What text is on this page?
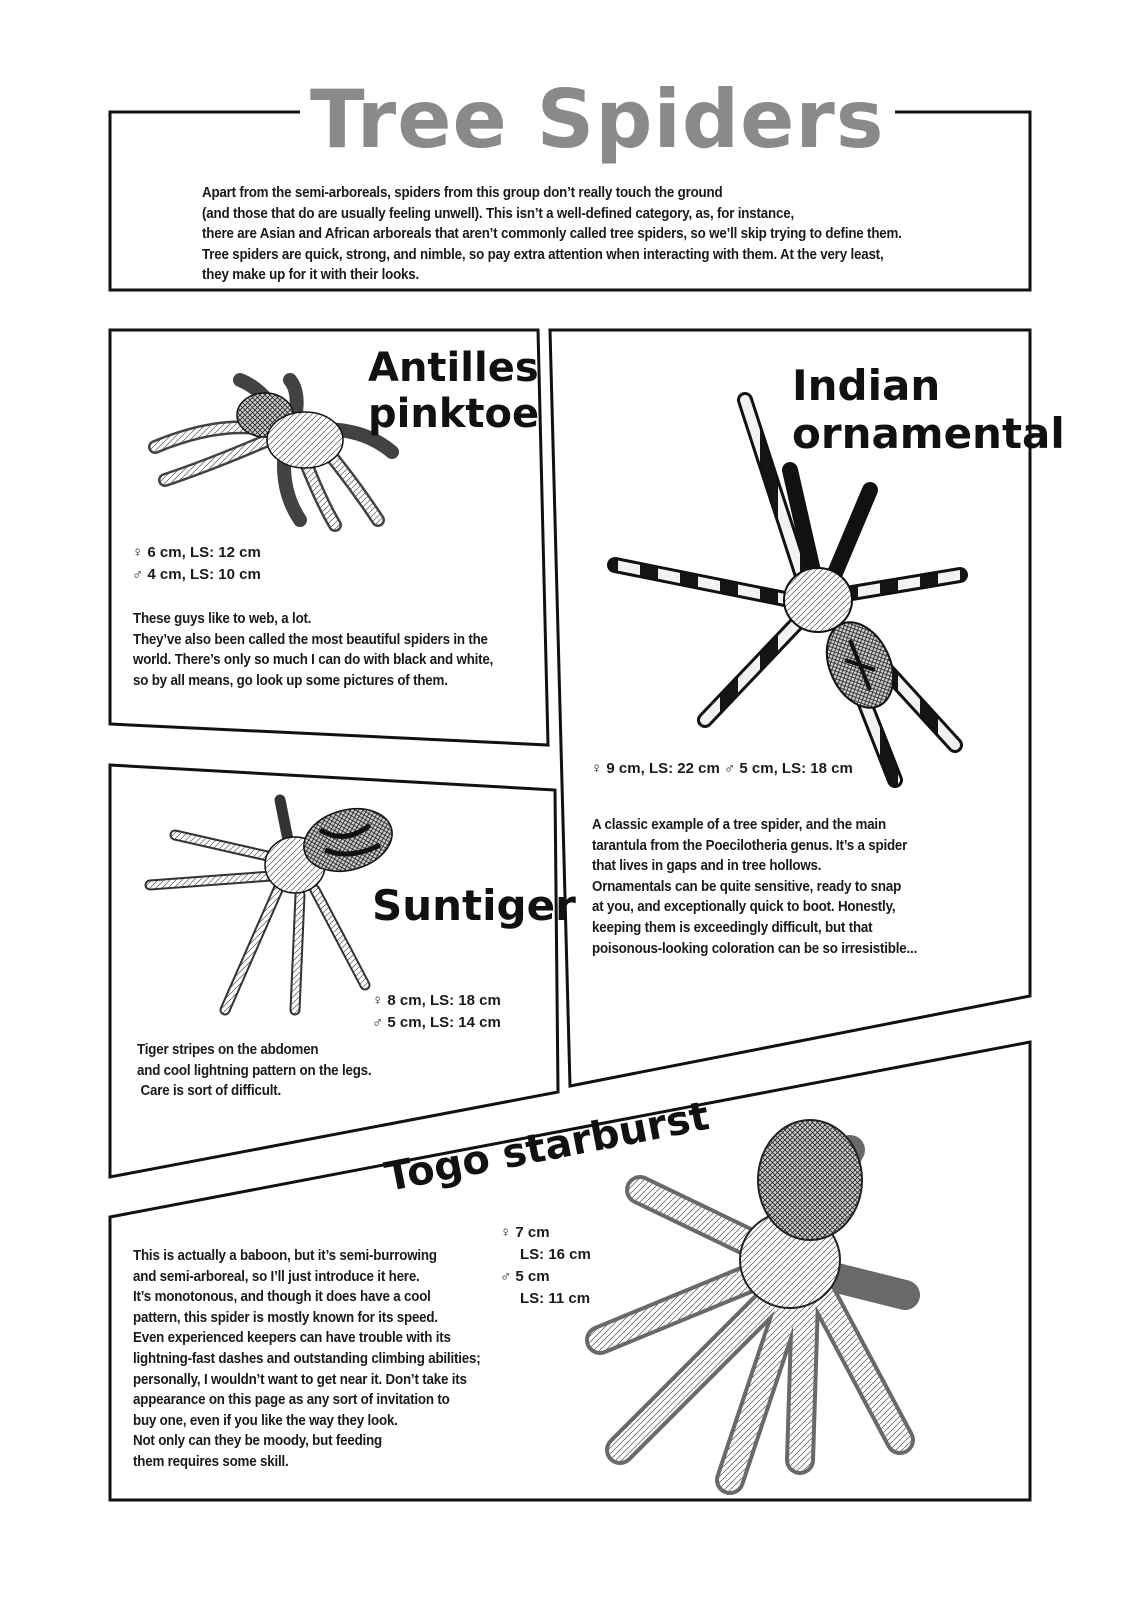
Tree Spiders
Apart from the semi-arboreals, spiders from this group don’t really touch the ground
(and those that do are usually feeling unwell). This isn’t a well-defined category, as, for instance,
there are Asian and African arboreals that aren’t commonly called tree spiders, so we’ll skip trying to define them.
Tree spiders are quick, strong, and nimble, so pay extra attention when interacting with them. At the very least,
they make up for it with their looks.
Antilles
pinktoe
♀ 6 cm, LS: 12 cm
♂ 4 cm, LS: 10 cm
These guys like to web, a lot.
They’ve also been called the most beautiful spiders in the
world. There’s only so much I can do with black and white,
so by all means, go look up some pictures of them.
Indian
ornamental
♀ 9 cm, LS: 22 cm ♂ 5 cm, LS: 18 cm
A classic example of a tree spider, and the main
tarantula from the Poecilotheria genus. It’s a spider
that lives in gaps and in tree hollows.
Ornamentals can be quite sensitive, ready to snap
at you, and exceptionally quick to boot. Honestly,
keeping them is exceedingly difficult, but that
poisonous-looking coloration can be so irresistible...
Suntiger
♀ 8 cm, LS: 18 cm
♂ 5 cm, LS: 14 cm
Tiger stripes on the abdomen
and cool lightning pattern on the legs.
Care is sort of difficult.
Togo starburst
♀ 7 cm
LS: 16 cm
♂ 5 cm
LS: 11 cm
This is actually a baboon, but it’s semi-burrowing
and semi-arboreal, so I’ll just introduce it here.
It’s monotonous, and though it does have a cool
pattern, this spider is mostly known for its speed.
Even experienced keepers can have trouble with its
lightning-fast dashes and outstanding climbing abilities;
personally, I wouldn’t want to get near it. Don’t take its
appearance on this page as any sort of invitation to
buy one, even if you like the way they look.
Not only can they be moody, but feeding
them requires some skill.
